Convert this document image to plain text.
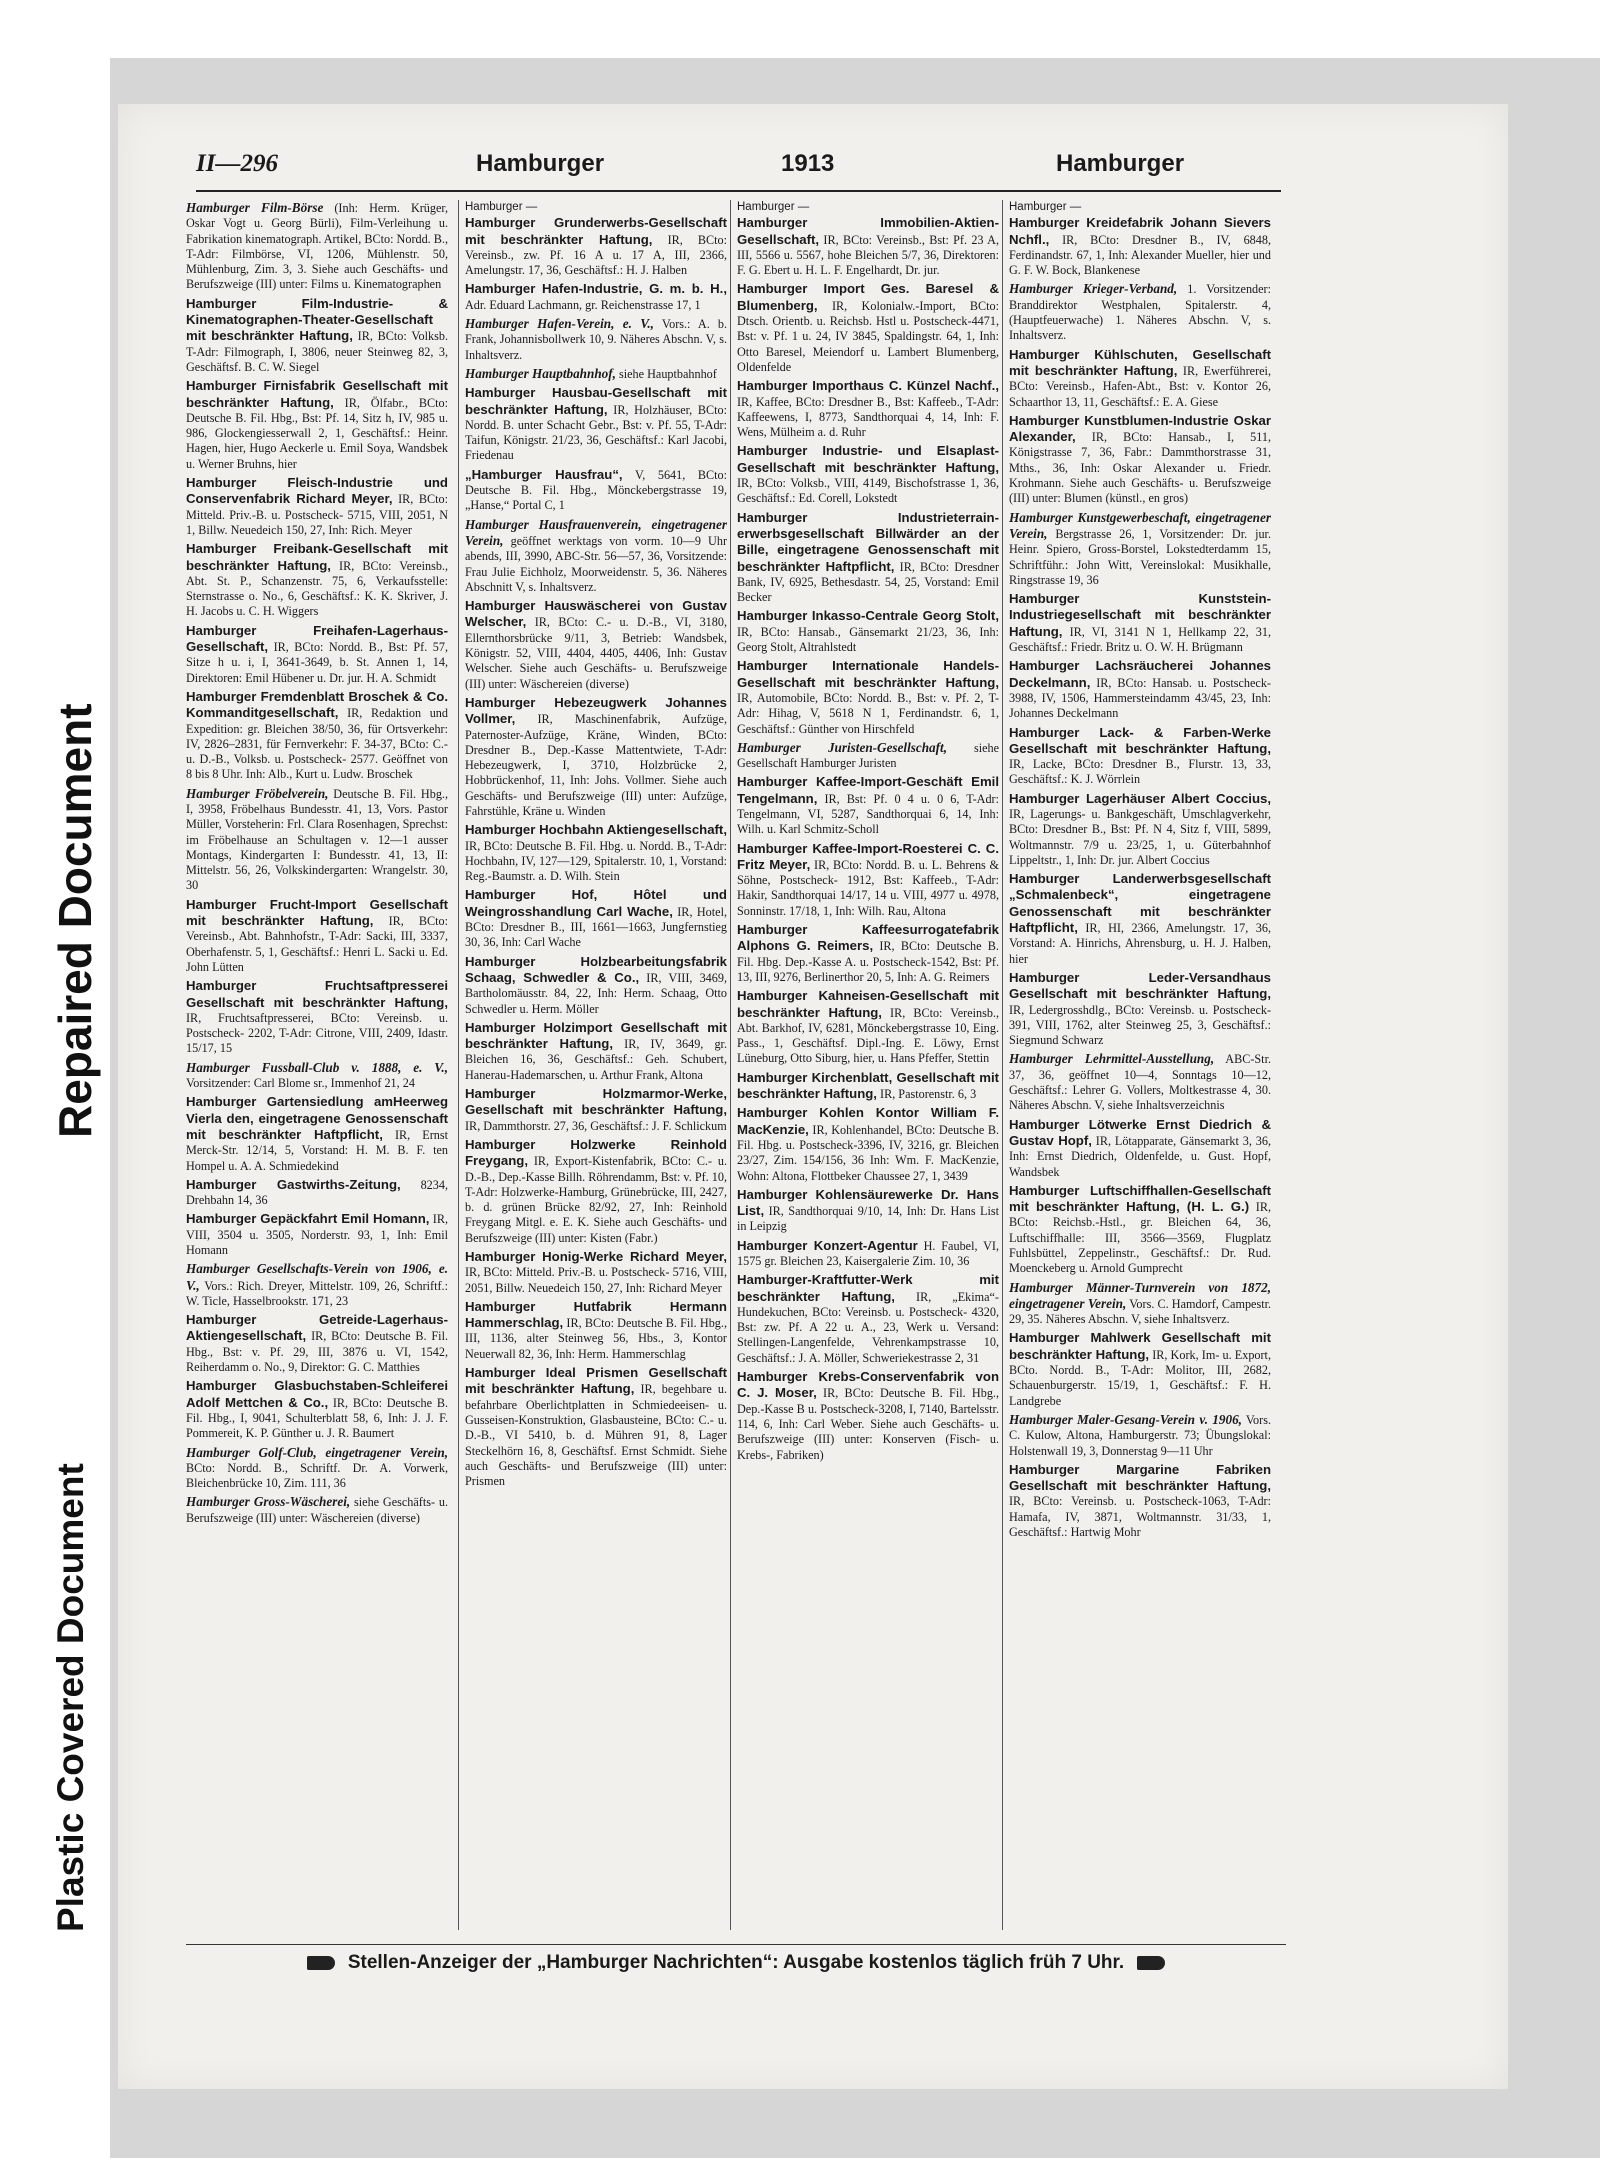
Repaired Document
Plastic Covered Document
II—296	Hamburger	1913	Hamburger
Hamburger Film-Börse (Inh: Herm. Krüger, Oskar Vogt u. Georg Bürli), Film-Verleihung u. Fabrikation kinematograph. Artikel, BCto: Nordd. B., T-Adr: Filmbörse, VI, 1206, Mühlenstr. 50, Mühlenburg, Zim. 3, 3. Siehe auch Geschäfts- und Berufszweige (III) unter: Films u. Kinematographen
Hamburger Film-Industrie- & Kinematographen-Theater-Gesellschaft mit beschränkter Haftung, IR, BCto: Volksb. T-Adr: Filmograph, I, 3806, neuer Steinweg 82, 3, Geschäftsf. B. C. W. Siegel
Hamburger Firnisfabrik Gesellschaft mit beschränkter Haftung, IR, Ölfabr., BCto: Deutsche B. Fil. Hbg., Bst: Pf. 14, Sitz h, IV, 985 u. 986, Glockengiesserwall 2, 1, Geschäftsf.: Heinr. Hagen, hier, Hugo Aeckerle u. Emil Soya, Wandsbek u. Werner Bruhns, hier
Hamburger Fleisch-Industrie und Conservenfabrik Richard Meyer, IR, BCto: Mitteld. Priv.-B. u. Postscheck- 5715, VIII, 2051, N 1, Billw. Neuedeich 150, 27, Inh: Rich. Meyer
Hamburger Freibank-Gesellschaft mit beschränkter Haftung, IR, BCto: Vereinsb., Abt. St. P., Schanzenstr. 75, 6, Verkaufsstelle: Sternstrasse o. No., 6, Geschäftsf.: K. K. Skriver, J. H. Jacobs u. C. H. Wiggers
Hamburger Freihafen-Lagerhaus-Gesellschaft, IR, BCto: Nordd. B., Bst: Pf. 57, Sitze h u. i, I, 3641-3649, b. St. Annen 1, 14, Direktoren: Emil Hübener u. Dr. jur. H. A. Schmidt
Hamburger Fremdenblatt Broschek & Co. Kommanditgesellschaft, IR, Redaktion und Expedition: gr. Bleichen 38/50, 36, für Ortsverkehr: IV, 2826–2831, für Fernverkehr: F. 34-37, BCto: C.- u. D.-B., Volksb. u. Postscheck- 2577. Geöffnet von 8 bis 8 Uhr. Inh: Alb., Kurt u. Ludw. Broschek
Hamburger Fröbelverein, Deutsche B. Fil. Hbg., I, 3958, Fröbelhaus Bundesstr. 41, 13, Vors. Pastor Müller, Vorsteherin: Frl. Clara Rosenhagen, Sprechst: im Fröbelhause an Schultagen v. 12—1 ausser Montags, Kindergarten I: Bundesstr. 41, 13, II: Mittelstr. 56, 26, Volkskindergarten: Wrangelstr. 30, 30
Hamburger Frucht-Import Gesellschaft mit beschränkter Haftung, IR, BCto: Vereinsb., Abt. Bahnhofstr., T-Adr: Sacki, III, 3337, Oberhafenstr. 5, 1, Geschäftsf.: Henri L. Sacki u. Ed. John Lütten
Hamburger Fruchtsaftpresserei Gesellschaft mit beschränkter Haftung, IR, Fruchtsaftpresserei, BCto: Vereinsb. u. Postscheck- 2202, T-Adr: Citrone, VIII, 2409, Idastr. 15/17, 15
Hamburger Fussball-Club v. 1888, e. V., Vorsitzender: Carl Blome sr., Immenhof 21, 24
Hamburger Gartensiedlung amHeerweg Vierla den, eingetragene Genossenschaft mit beschränkter Haftpflicht, IR, Ernst Merck-Str. 12/14, 5, Vorstand: H. M. B. F. ten Hompel u. A. A. Schmiedekind
Hamburger Gastwirths-Zeitung, 8234, Drehbahn 14, 36
Hamburger Gepäckfahrt Emil Homann, IR, VIII, 3504 u. 3505, Norderstr. 93, 1, Inh: Emil Homann
Hamburger Gesellschafts-Verein von 1906, e. V., Vors.: Rich. Dreyer, Mittelstr. 109, 26, Schriftf.: W. Ticle, Hasselbrookstr. 171, 23
Hamburger Getreide-Lagerhaus-Aktiengesellschaft, IR, BCto: Deutsche B. Fil. Hbg., Bst: v. Pf. 29, III, 3876 u. VI, 1542, Reiherdamm o. No., 9, Direktor: G. C. Matthies
Hamburger Glasbuchstaben-Schleiferei Adolf Mettchen & Co., IR, BCto: Deutsche B. Fil. Hbg., I, 9041, Schulterblatt 58, 6, Inh: J. J. F. Pommereit, K. P. Günther u. J. R. Baumert
Hamburger Golf-Club, eingetragener Verein, BCto: Nordd. B., Schriftf. Dr. A. Vorwerk, Bleichenbrücke 10, Zim. 111, 36
Hamburger Gross-Wäscherei, siehe Geschäfts- u. Berufszweige (III) unter: Wäschereien (diverse)
Hamburger —
Hamburger Grunderwerbs-Gesellschaft mit beschränkter Haftung, IR, BCto: Vereinsb., zw. Pf. 16 A u. 17 A, III, 2366, Amelungstr. 17, 36, Geschäftsf.: H. J. Halben
Hamburger Hafen-Industrie, G. m. b. H., Adr. Eduard Lachmann, gr. Reichenstrasse 17, 1
Hamburger Hafen-Verein, e. V., Vors.: A. b. Frank, Johannisbollwerk 10, 9. Näheres Abschn. V, s. Inhaltsverz.
Hamburger Hauptbahnhof, siehe Hauptbahnhof
Hamburger Hausbau-Gesellschaft mit beschränkter Haftung, IR, Holzhäuser, BCto: Nordd. B. unter Schacht Gebr., Bst: v. Pf. 55, T-Adr: Taifun, Königstr. 21/23, 36, Geschäftsf.: Karl Jacobi, Friedenau
„Hamburger Hausfrau“, V, 5641, BCto: Deutsche B. Fil. Hbg., Mönckebergstrasse 19, „Hanse,“ Portal C, 1
Hamburger Hausfrauenverein, eingetragener Verein, geöffnet werktags von vorm. 10—9 Uhr abends, III, 3990, ABC-Str. 56—57, 36, Vorsitzende: Frau Julie Eichholz, Moorweidenstr. 5, 36. Näheres Abschnitt V, s. Inhaltsverz.
Hamburger Hauswäscherei von Gustav Welscher, IR, BCto: C.- u. D.-B., VI, 3180, Ellernthorsbrücke 9/11, 3, Betrieb: Wandsbek, Königstr. 52, VIII, 4404, 4405, 4406, Inh: Gustav Welscher. Siehe auch Geschäfts- u. Berufszweige (III) unter: Wäschereien (diverse)
Hamburger Hebezeugwerk Johannes Vollmer, IR, Maschinenfabrik, Aufzüge, Paternoster-Aufzüge, Kräne, Winden, BCto: Dresdner B., Dep.-Kasse Mattentwiete, T-Adr: Hebezeugwerk, I, 3710, Holzbrücke 2, Hobbrückenhof, 11, Inh: Johs. Vollmer. Siehe auch Geschäfts- und Berufszweige (III) unter: Aufzüge, Fahrstühle, Kräne u. Winden
Hamburger Hochbahn Aktiengesellschaft, IR, BCto: Deutsche B. Fil. Hbg. u. Nordd. B., T-Adr: Hochbahn, IV, 127—129, Spitalerstr. 10, 1, Vorstand: Reg.-Baumstr. a. D. Wilh. Stein
Hamburger Hof, Hôtel und Weingrosshandlung Carl Wache, IR, Hotel, BCto: Dresdner B., III, 1661—1663, Jungfernstieg 30, 36, Inh: Carl Wache
Hamburger Holzbearbeitungsfabrik Schaag, Schwedler & Co., IR, VIII, 3469, Bartholomäusstr. 84, 22, Inh: Herm. Schaag, Otto Schwedler u. Herm. Möller
Hamburger Holzimport Gesellschaft mit beschränkter Haftung, IR, IV, 3649, gr. Bleichen 16, 36, Geschäftsf.: Geh. Schubert, Hanerau-Hademarschen, u. Arthur Frank, Altona
Hamburger Holzmarmor-Werke, Gesellschaft mit beschränkter Haftung, IR, Dammthorstr. 27, 36, Geschäftsf.: J. F. Schlickum
Hamburger Holzwerke Reinhold Freygang, IR, Export-Kistenfabrik, BCto: C.- u. D.-B., Dep.-Kasse Billh. Röhrendamm, Bst: v. Pf. 10, T-Adr: Holzwerke-Hamburg, Grünebrücke, III, 2427, b. d. grünen Brücke 82/92, 27, Inh: Reinhold Freygang Mitgl. e. E. K. Siehe auch Geschäfts- und Berufszweige (III) unter: Kisten (Fabr.)
Hamburger Honig-Werke Richard Meyer, IR, BCto: Mitteld. Priv.-B. u. Postscheck- 5716, VIII, 2051, Billw. Neuedeich 150, 27, Inh: Richard Meyer
Hamburger Hutfabrik Hermann Hammerschlag, IR, BCto: Deutsche B. Fil. Hbg., III, 1136, alter Steinweg 56, Hbs., 3, Kontor Neuerwall 82, 36, Inh: Herm. Hammerschlag
Hamburger Ideal Prismen Gesellschaft mit beschränkter Haftung, IR, begehbare u. befahrbare Oberlichtplatten in Schmiedeeisen- u. Gusseisen-Konstruktion, Glasbausteine, BCto: C.- u. D.-B., VI 5410, b. d. Mühren 91, 8, Lager Steckelhörn 16, 8, Geschäftsf. Ernst Schmidt. Siehe auch Geschäfts- und Berufszweige (III) unter: Prismen
Hamburger —
Hamburger Immobilien-Aktien-Gesellschaft, IR, BCto: Vereinsb., Bst: Pf. 23 A, III, 5566 u. 5567, hohe Bleichen 5/7, 36, Direktoren: F. G. Ebert u. H. L. F. Engelhardt, Dr. jur.
Hamburger Import Ges. Baresel & Blumenberg, IR, Kolonialw.-Import, BCto: Dtsch. Orientb. u. Reichsb. Hstl u. Postscheck-4471, Bst: v. Pf. 1 u. 24, IV 3845, Spaldingstr. 64, 1, Inh: Otto Baresel, Meiendorf u. Lambert Blumenberg, Oldenfelde
Hamburger Importhaus C. Künzel Nachf., IR, Kaffee, BCto: Dresdner B., Bst: Kaffeeb., T-Adr: Kaffeewens, I, 8773, Sandthorquai 4, 14, Inh: F. Wens, Mülheim a. d. Ruhr
Hamburger Industrie- und Elsaplast-Gesellschaft mit beschränkter Haftung, IR, BCto: Volksb., VIII, 4149, Bischofstrasse 1, 36, Geschäftsf.: Ed. Corell, Lokstedt
Hamburger Industrieterrain-erwerbsgesellschaft Billwärder an der Bille, eingetragene Genossenschaft mit beschränkter Haftpflicht, IR, BCto: Dresdner Bank, IV, 6925, Bethesdastr. 54, 25, Vorstand: Emil Becker
Hamburger Inkasso-Centrale Georg Stolt, IR, BCto: Hansab., Gänsemarkt 21/23, 36, Inh: Georg Stolt, Altrahlstedt
Hamburger Internationale Handels-Gesellschaft mit beschränkter Haftung, IR, Automobile, BCto: Nordd. B., Bst: v. Pf. 2, T-Adr: Hihag, V, 5618 N 1, Ferdinandstr. 6, 1, Geschäftsf.: Günther von Hirschfeld
Hamburger Juristen-Gesellschaft, siehe Gesellschaft Hamburger Juristen
Hamburger Kaffee-Import-Geschäft Emil Tengelmann, IR, Bst: Pf. 0 4 u. 0 6, T-Adr: Tengelmann, VI, 5287, Sandthorquai 6, 14, Inh: Wilh. u. Karl Schmitz-Scholl
Hamburger Kaffee-Import-Roesterei C. C. Fritz Meyer, IR, BCto: Nordd. B. u. L. Behrens & Söhne, Postscheck- 1912, Bst: Kaffeeb., T-Adr: Hakir, Sandthorquai 14/17, 14 u. VIII, 4977 u. 4978, Sonninstr. 17/18, 1, Inh: Wilh. Rau, Altona
Hamburger Kaffeesurrogatefabrik Alphons G. Reimers, IR, BCto: Deutsche B. Fil. Hbg. Dep.-Kasse A. u. Postscheck-1542, Bst: Pf. 13, III, 9276, Berlinerthor 20, 5, Inh: A. G. Reimers
Hamburger Kahneisen-Gesellschaft mit beschränkter Haftung, IR, BCto: Vereinsb., Abt. Barkhof, IV, 6281, Mönckebergstrasse 10, Eing. Pass., 1, Geschäftsf. Dipl.-Ing. E. Löwy, Ernst Lüneburg, Otto Siburg, hier, u. Hans Pfeffer, Stettin
Hamburger Kirchenblatt, Gesellschaft mit beschränkter Haftung, IR, Pastorenstr. 6, 3
Hamburger Kohlen Kontor William F. MacKenzie, IR, Kohlenhandel, BCto: Deutsche B. Fil. Hbg. u. Postscheck-3396, IV, 3216, gr. Bleichen 23/27, Zim. 154/156, 36 Inh: Wm. F. MacKenzie, Wohn: Altona, Flottbeker Chaussee 27, 1, 3439
Hamburger Kohlensäurewerke Dr. Hans List, IR, Sandthorquai 9/10, 14, Inh: Dr. Hans List in Leipzig
Hamburger Konzert-Agentur H. Faubel, VI, 1575 gr. Bleichen 23, Kaisergalerie Zim. 10, 36
Hamburger-Kraftfutter-Werk mit beschränkter Haftung, IR, „Ekima“-Hundekuchen, BCto: Vereinsb. u. Postscheck- 4320, Bst: zw. Pf. A 22 u. A., 23, Werk u. Versand: Stellingen-Langenfelde, Vehrenkampstrasse 10, Geschäftsf.: J. A. Möller, Schweriekestrasse 2, 31
Hamburger Krebs-Conservenfabrik von C. J. Moser, IR, BCto: Deutsche B. Fil. Hbg., Dep.-Kasse B u. Postscheck-3208, I, 7140, Bartelsstr. 114, 6, Inh: Carl Weber. Siehe auch Geschäfts- u. Berufszweige (III) unter: Konserven (Fisch- u. Krebs-, Fabriken)
Hamburger —
Hamburger Kreidefabrik Johann Sievers Nchfl., IR, BCto: Dresdner B., IV, 6848, Ferdinandstr. 67, 1, Inh: Alexander Mueller, hier und G. F. W. Bock, Blankenese
Hamburger Krieger-Verband, 1. Vorsitzender: Branddirektor Westphalen, Spitalerstr. 4, (Hauptfeuerwache) 1. Näheres Abschn. V, s. Inhaltsverz.
Hamburger Kühlschuten, Gesellschaft mit beschränkter Haftung, IR, Ewerführerei, BCto: Vereinsb., Hafen-Abt., Bst: v. Kontor 26, Schaarthor 13, 11, Geschäftsf.: E. A. Giese
Hamburger Kunstblumen-Industrie Oskar Alexander, IR, BCto: Hansab., I, 511, Königstrasse 7, 36, Fabr.: Dammthorstrasse 31, Mths., 36, Inh: Oskar Alexander u. Friedr. Krohmann. Siehe auch Geschäfts- u. Berufszweige (III) unter: Blumen (künstl., en gros)
Hamburger Kunstgewerbeschaft, eingetragener Verein, Bergstrasse 26, 1, Vorsitzender: Dr. jur. Heinr. Spiero, Gross-Borstel, Lokstedterdamm 15, Schriftführ.: John Witt, Vereinslokal: Musikhalle, Ringstrasse 19, 36
Hamburger Kunststein-Industriegesellschaft mit beschränkter Haftung, IR, VI, 3141 N 1, Hellkamp 22, 31, Geschäftsf.: Friedr. Britz u. O. W. H. Brügmann
Hamburger Lachsräucherei Johannes Deckelmann, IR, BCto: Hansab. u. Postscheck- 3988, IV, 1506, Hammersteindamm 43/45, 23, Inh: Johannes Deckelmann
Hamburger Lack- & Farben-Werke Gesellschaft mit beschränkter Haftung, IR, Lacke, BCto: Dresdner B., Flurstr. 13, 33, Geschäftsf.: K. J. Wörrlein
Hamburger Lagerhäuser Albert Coccius, IR, Lagerungs- u. Bankgeschäft, Umschlagverkehr, BCto: Dresdner B., Bst: Pf. N 4, Sitz f, VIII, 5899, Woltmannstr. 7/9 u. 23/25, 1, u. Güterbahnhof Lippeltstr., 1, Inh: Dr. jur. Albert Coccius
Hamburger Landerwerbsgesellschaft „Schmalenbeck“, eingetragene Genossenschaft mit beschränkter Haftpflicht, IR, HI, 2366, Amelungstr. 17, 36, Vorstand: A. Hinrichs, Ahrensburg, u. H. J. Halben, hier
Hamburger Leder-Versandhaus Gesellschaft mit beschränkter Haftung, IR, Ledergrosshdlg., BCto: Vereinsb. u. Postscheck- 391, VIII, 1762, alter Steinweg 25, 3, Geschäftsf.: Siegmund Schwarz
Hamburger Lehrmittel-Ausstellung, ABC-Str. 37, 36, geöffnet 10—4, Sonntags 10—12, Geschäftsf.: Lehrer G. Vollers, Moltkestrasse 4, 30. Näheres Abschn. V, siehe Inhaltsverzeichnis
Hamburger Lötwerke Ernst Diedrich & Gustav Hopf, IR, Lötapparate, Gänsemarkt 3, 36, Inh: Ernst Diedrich, Oldenfelde, u. Gust. Hopf, Wandsbek
Hamburger Luftschiffhallen-Gesellschaft mit beschränkter Haftung, (H. L. G.) IR, BCto: Reichsb.-Hstl., gr. Bleichen 64, 36, Luftschiffhalle: III, 3566—3569, Flugplatz Fuhlsbüttel, Zeppelinstr., Geschäftsf.: Dr. Rud. Moenckeberg u. Arnold Gumprecht
Hamburger Männer-Turnverein von 1872, eingetragener Verein, Vors. C. Hamdorf, Campestr. 29, 35. Näheres Abschn. V, siehe Inhaltsverz.
Hamburger Mahlwerk Gesellschaft mit beschränkter Haftung, IR, Kork, Im- u. Export, BCto. Nordd. B., T-Adr: Molitor, III, 2682, Schauenburgerstr. 15/19, 1, Geschäftsf.: F. H. Landgrebe
Hamburger Maler-Gesang-Verein v. 1906, Vors. C. Kulow, Altona, Hamburgerstr. 73; Übungslokal: Holstenwall 19, 3, Donnerstag 9—11 Uhr
Hamburger Margarine Fabriken Gesellschaft mit beschränkter Haftung, IR, BCto: Vereinsb. u. Postscheck-1063, T-Adr: Hamafa, IV, 3871, Woltmannstr. 31/33, 1, Geschäftsf.: Hartwig Mohr
Stellen-Anzeiger der „Hamburger Nachrichten“: Ausgabe kostenlos täglich früh 7 Uhr.
